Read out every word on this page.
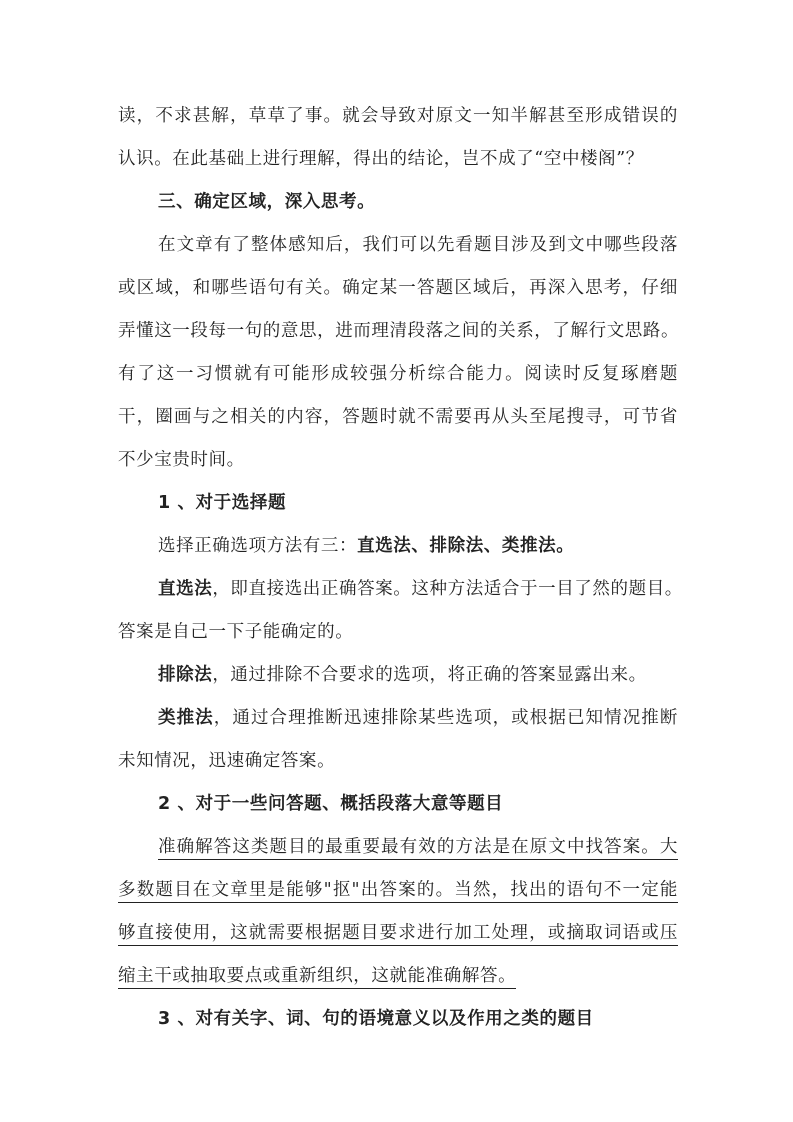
读，不求甚解，草草了事。就会导致对原文一知半解甚至形成错误的
认识。在此基础上进行理解，得出的结论，岂不成了“空中楼阁”？
三、确定区域，深入思考。
在文章有了整体感知后，我们可以先看题目涉及到文中哪些段落
或区域，和哪些语句有关。确定某一答题区域后，再深入思考，仔细
弄懂这一段每一句的意思，进而理清段落之间的关系，了解行文思路。
有了这一习惯就有可能形成较强分析综合能力。阅读时反复琢磨题
干，圈画与之相关的内容，答题时就不需要再从头至尾搜寻，可节省
不少宝贵时间。
1 、对于选择题
选择正确选项方法有三：直选法、排除法、类推法。
直选法，即直接选出正确答案。这种方法适合于一目了然的题目。
答案是自己一下子能确定的。
排除法，通过排除不合要求的选项，将正确的答案显露出来。
类推法，通过合理推断迅速排除某些选项，或根据已知情况推断
未知情况，迅速确定答案。
2 、对于一些问答题、概括段落大意等题目
准确解答这类题目的最重要最有效的方法是在原文中找答案。大
多数题目在文章里是能够"抠"出答案的。当然，找出的语句不一定能
够直接使用，这就需要根据题目要求进行加工处理，或摘取词语或压
缩主干或抽取要点或重新组织，这就能准确解答。
3 、对有关字、词、句的语境意义以及作用之类的题目
